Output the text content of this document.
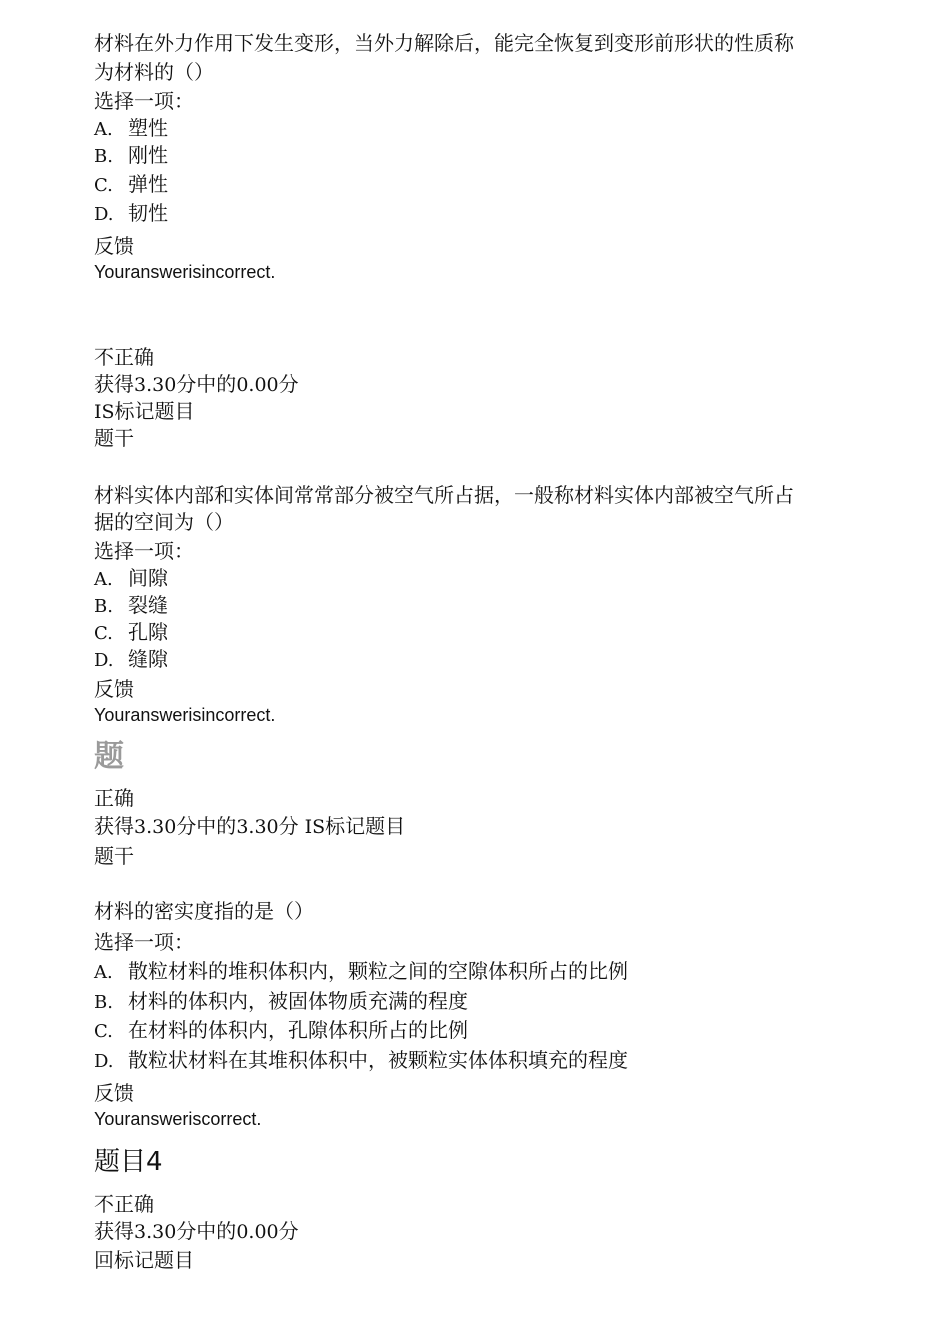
材料在外力作用下发生变形，当外力解除后，能完全恢复到变形前形状的性质称
为材料的（）
选择一项：
A. 塑性
B. 刚性
C. 弹性
D. 韧性
反馈
Youranswerisincorrect.
不正确
获得3.30分中的0.00分
IS标记题目
题干
材料实体内部和实体间常常部分被空气所占据，一般称材料实体内部被空气所占
据的空间为（）
选择一项：
A. 间隙
B. 裂缝
C. 孔隙
D. 缝隙
反馈
Youranswerisincorrect.
题
正确
获得3.30分中的3.30分 IS标记题目
题干
材料的密实度指的是（）
选择一项：
A. 散粒材料的堆积体积内，颗粒之间的空隙体积所占的比例
B. 材料的体积内，被固体物质充满的程度
C. 在材料的体积内，孔隙体积所占的比例
D. 散粒状材料在其堆积体积中，被颗粒实体体积填充的程度
反馈
Youransweriscorrect.
题目4
不正确
获得3.30分中的0.00分
回标记题目
